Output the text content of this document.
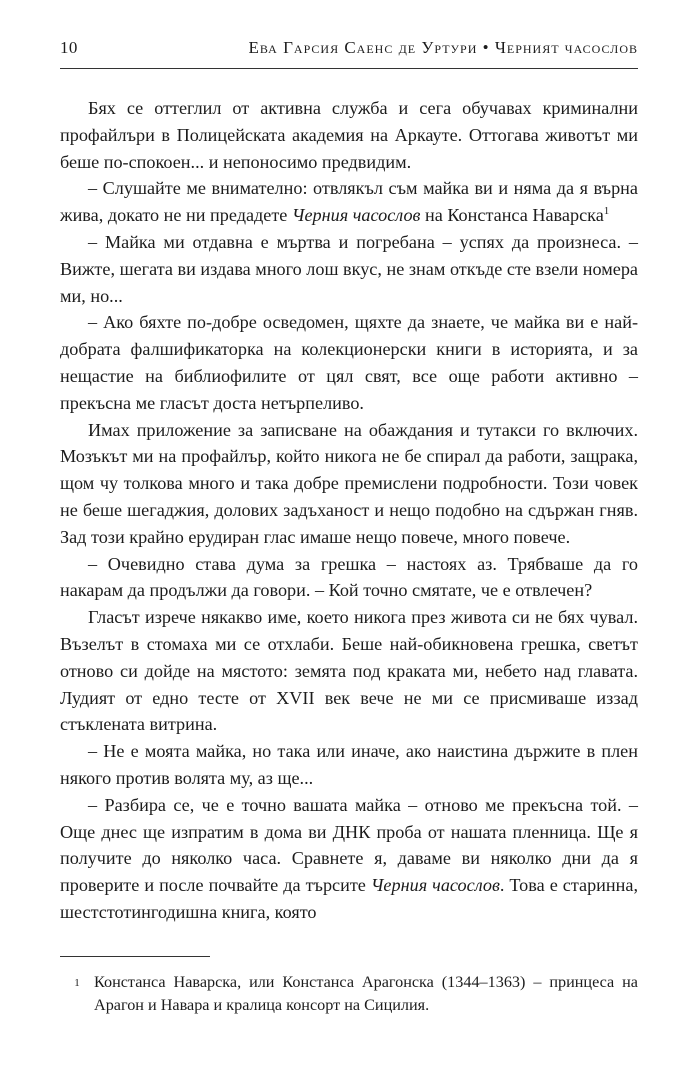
10	Ева Гарсия Саенс де Уртури • Черният часослов

Бях се оттеглил от активна служба и сега обучавах криминални профайлъри в Полицейската академия на Аркауте. Оттогава животът ми беше по-спокоен... и непоносимо предвидим.

– Слушайте ме внимателно: отвлякъл съм майка ви и няма да я върна жива, докато не ни предадете Черния часослов на Констанса Наварска$^1$

– Майка ми отдавна е мъртва и погребана – успях да произнеса. – Вижте, шегата ви издава много лош вкус, не знам откъде сте взели номера ми, но...

– Ако бяхте по-добре осведомен, щяхте да знаете, че майка ви е най-добрата фалшификаторка на колекционерски книги в историята, и за нещастие на библиофилите от цял свят, все още работи активно – прекъсна ме гласът доста нетърпеливо.

Имах приложение за записване на обаждания и тутакси го включих. Мозъкът ми на профайлър, който никога не бе спирал да работи, защрака, щом чу толкова много и така добре премислени подробности. Този човек не беше шегаджия, долових задъханост и нещо подобно на сдържан гняв. Зад този крайно ерудиран глас имаше нещо повече, много повече.

– Очевидно става дума за грешка – настоях аз. Трябваше да го накарам да продължи да говори. – Кой точно смятате, че е отвлечен?

Гласът изрече някакво име, което никога през живота си не бях чувал. Възелът в стомаха ми се отхлаби. Беше най-обикновена грешка, светът отново си дойде на мястото: земята под краката ми, небето над главата. Лудият от едно тесте от XVII век вече не ми се присмиваше иззад стъклената витрина.

– Не е моята майка, но така или иначе, ако наистина държите в плен някого против волята му, аз ще...

– Разбира се, че е точно вашата майка – отново ме прекъсна той. – Още днес ще изпратим в дома ви ДНК проба от нашата пленница. Ще я получите до няколко часа. Сравнете я, даваме ви няколко дни да я проверите и после почвайте да търсите Черния часослов. Това е старинна, шестстотингодишна книга, която

1 Констанса Наварска, или Констанса Арагонска (1344–1363) – принцеса на Арагон и Навара и кралица консорт на Сицилия.
